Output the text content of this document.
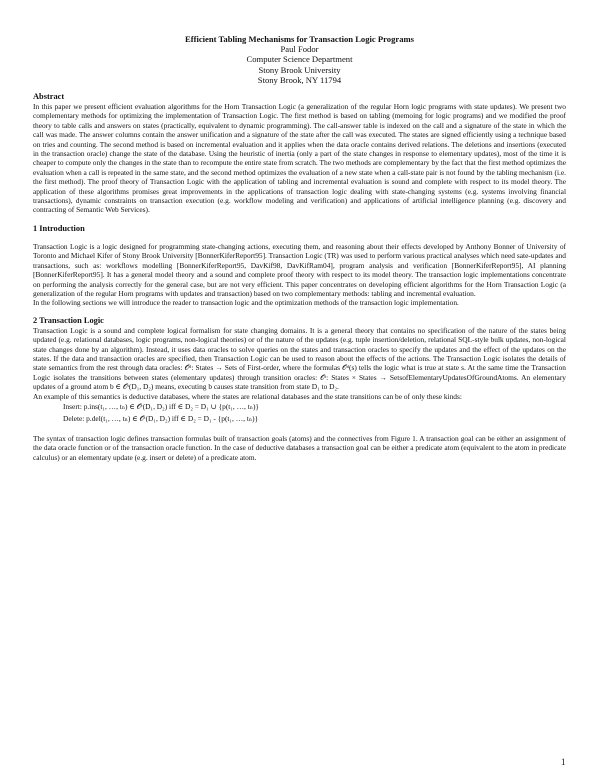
Efficient Tabling Mechanisms for Transaction Logic Programs
Paul Fodor
Computer Science Department
Stony Brook University
Stony Brook, NY 11794
Abstract

In this paper we present efficient evaluation algorithms for the Horn Transaction Logic (a generalization of the regular Horn logic programs with state updates). We present two complementary methods for optimizing the implementation of Transaction Logic. The first method is based on tabling (memoing for logic programs) and we modified the proof theory to table calls and answers on states (practically, equivalent to dynamic programming). The call-answer table is indexed on the call and a signature of the state in which the call was made. The answer columns contain the answer unification and a signature of the state after the call was executed. The states are signed efficiently using a technique based on tries and counting. The second method is based on incremental evaluation and it applies when the data oracle contains derived relations. The deletions and insertions (executed in the transaction oracle) change the state of the database. Using the heuristic of inertia (only a part of the state changes in response to elementary updates), most of the time it is cheaper to compute only the changes in the state than to recompute the entire state from scratch. The two methods are complementary by the fact that the first method optimizes the evaluation when a call is repeated in the same state, and the second method optimizes the evaluation of a new state when a call-state pair is not found by the tabling mechanism (i.e. the first method). The proof theory of Transaction Logic with the application of tabling and incremental evaluation is sound and complete with respect to its model theory. The application of these algorithms promises great improvements in the applications of transaction logic dealing with state-changing systems (e.g. systems involving financial transactions), dynamic constraints on transaction execution (e.g. workflow modeling and verification) and applications of artificial intelligence planning (e.g. discovery and contracting of Semantic Web Services).

1 Introduction

Transaction Logic is a logic designed for programming state-changing actions, executing them, and reasoning about their effects developed by Anthony Bonner of University of Toronto and Michael Kifer of Stony Brook University [BonnerKiferReport95]. Transaction Logic (TR) was used to perform various practical analyses which need sate-updates and transactions, such as: workflows modelling [BonnerKiferReport95, DavKif98, DavKifRam04], program analysis and verification [BonnerKiferReport95], AI planning [BonnerKiferReport95]. It has a general model theory and a sound and complete proof theory with respect to its model theory. The transaction logic implementations concentrate on performing the analysis correctly for the general case, but are not very efficient. This paper concentrates on developing efficient algorithms for the Horn Transaction Logic (a generalization of the regular Horn programs with updates and transaction) based on two complementary methods: tabling and incremental evaluation.

In the following sections we will introduce the reader to transaction logic and the optimization methods of the transaction logic implementation.

2 Transaction Logic

Transaction Logic is a sound and complete logical formalism for state changing domains. It is a general theory that contains no specification of the nature of the states being updated (e.g. relational databases, logic programs, non-logical theories) or of the nature of the updates (e.g. tuple insertion/deletion, relational SQL-style bulk updates, non-logical state changes done by an algorithm). Instead, it uses data oracles to solve queries on the states and transaction oracles to specify the updates and the effect of the updates on the states. If the data and transaction oracles are specified, then Transaction Logic can be used to reason about the effects of the actions. The Transaction Logic isolates the details of state semantics from the rest through data oracles: 𝒪ᵈ: States → Sets of First-order, where the formulas 𝒪ᵈ(s) tells the logic what is true at state s. At the same time the Transaction Logic isolates the transitions between states (elementary updates) through transition oracles: 𝒪ᵗ: States × States → SetsofElementaryUpdatesOfGroundAtoms. An elementary updates of a ground atom b ∈ 𝒪ᵗ(D₁, D₂) means, executing b causes state transition from state D₁ to D₂.

An example of this semantics is deductive databases, where the states are relational databases and the state transitions can be of only these kinds:

Insert: p.ins(t₁, …, tₙ) ∈ 𝒪ᵗ(D₁, D₂) iff ∈ D₂ = D₁ ∪ {p(t₁, …, tₙ)}
Delete: p.del(t₁, …, tₙ) ∈ 𝒪ᵗ(D₁, D₂) iff ∈ D₂ = D₁ - {p(t₁, …, tₙ)}

The syntax of transaction logic defines transaction formulas built of transaction goals (atoms) and the connectives from Figure 1. A transaction goal can be either an assignment of the data oracle function or of the transaction oracle function. In the case of deductive databases a transaction goal can be either a predicate atom (equivalent to the atom in predicate calculus) or an elementary update (e.g. insert or delete) of a predicate atom.

1
